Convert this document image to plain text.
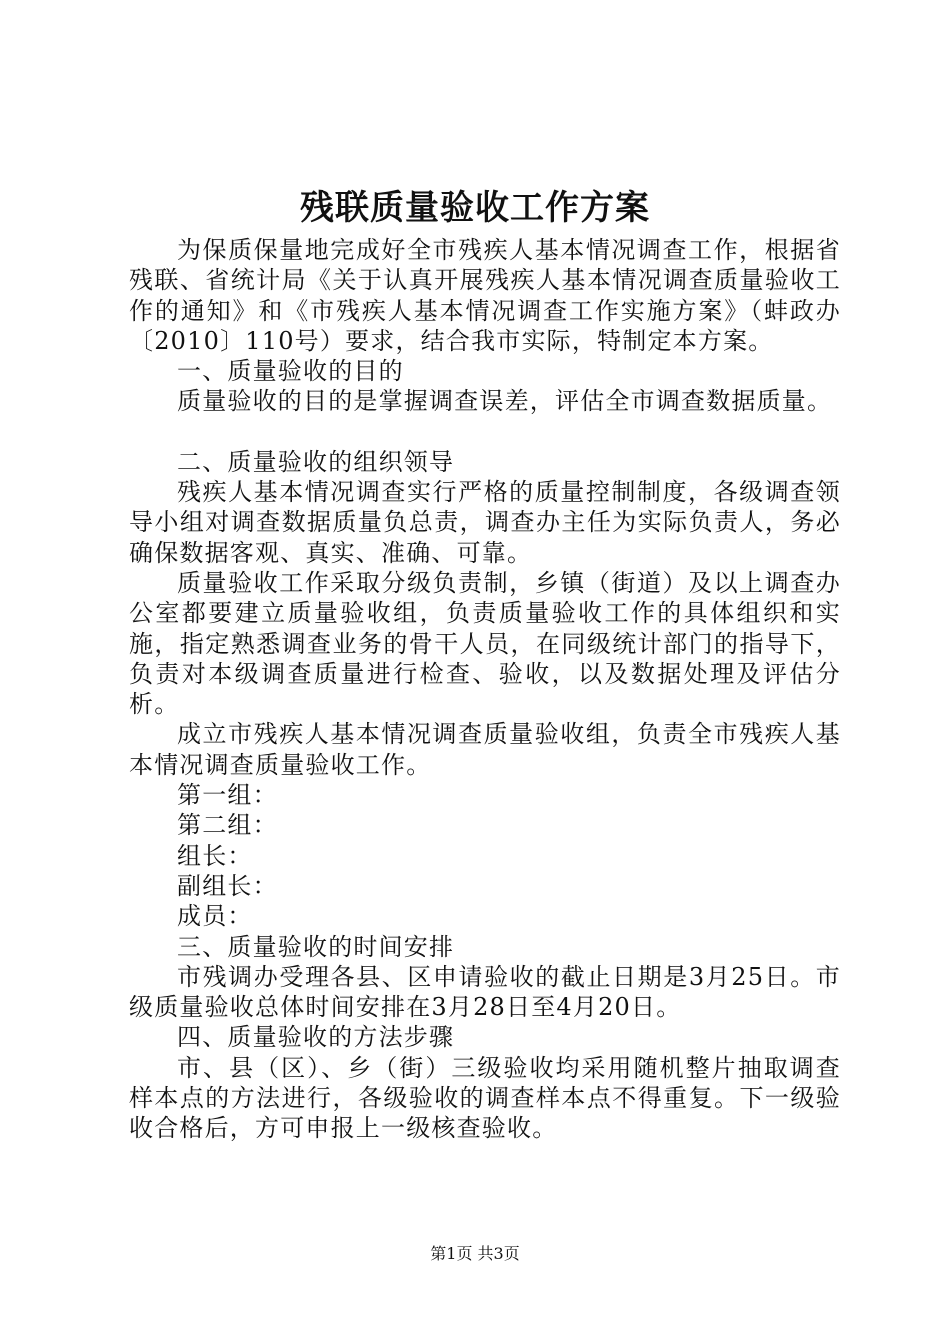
残联质量验收工作方案

为保质保量地完成好全市残疾人基本情况调查工作，根据省残联、省统计局《关于认真开展残疾人基本情况调查质量验收工作的通知》和《市残疾人基本情况调查工作实施方案》（蚌政办〔2010〕110号）要求，结合我市实际，特制定本方案。

一、质量验收的目的

质量验收的目的是掌握调查误差，评估全市调查数据质量。

二、质量验收的组织领导

残疾人基本情况调查实行严格的质量控制制度，各级调查领导小组对调查数据质量负总责，调查办主任为实际负责人，务必确保数据客观、真实、准确、可靠。

质量验收工作采取分级负责制，乡镇（街道）及以上调查办公室都要建立质量验收组，负责质量验收工作的具体组织和实施，指定熟悉调查业务的骨干人员，在同级统计部门的指导下，负责对本级调查质量进行检查、验收，以及数据处理及评估分析。

成立市残疾人基本情况调查质量验收组，负责全市残疾人基本情况调查质量验收工作。

第一组：

第二组：

组长：

副组长：

成员：

三、质量验收的时间安排

市残调办受理各县、区申请验收的截止日期是3月25日。市级质量验收总体时间安排在3月28日至4月20日。

四、质量验收的方法步骤

市、县（区）、乡（街）三级验收均采用随机整片抽取调查样本点的方法进行，各级验收的调查样本点不得重复。下一级验收合格后，方可申报上一级核查验收。

第1页 共3页
